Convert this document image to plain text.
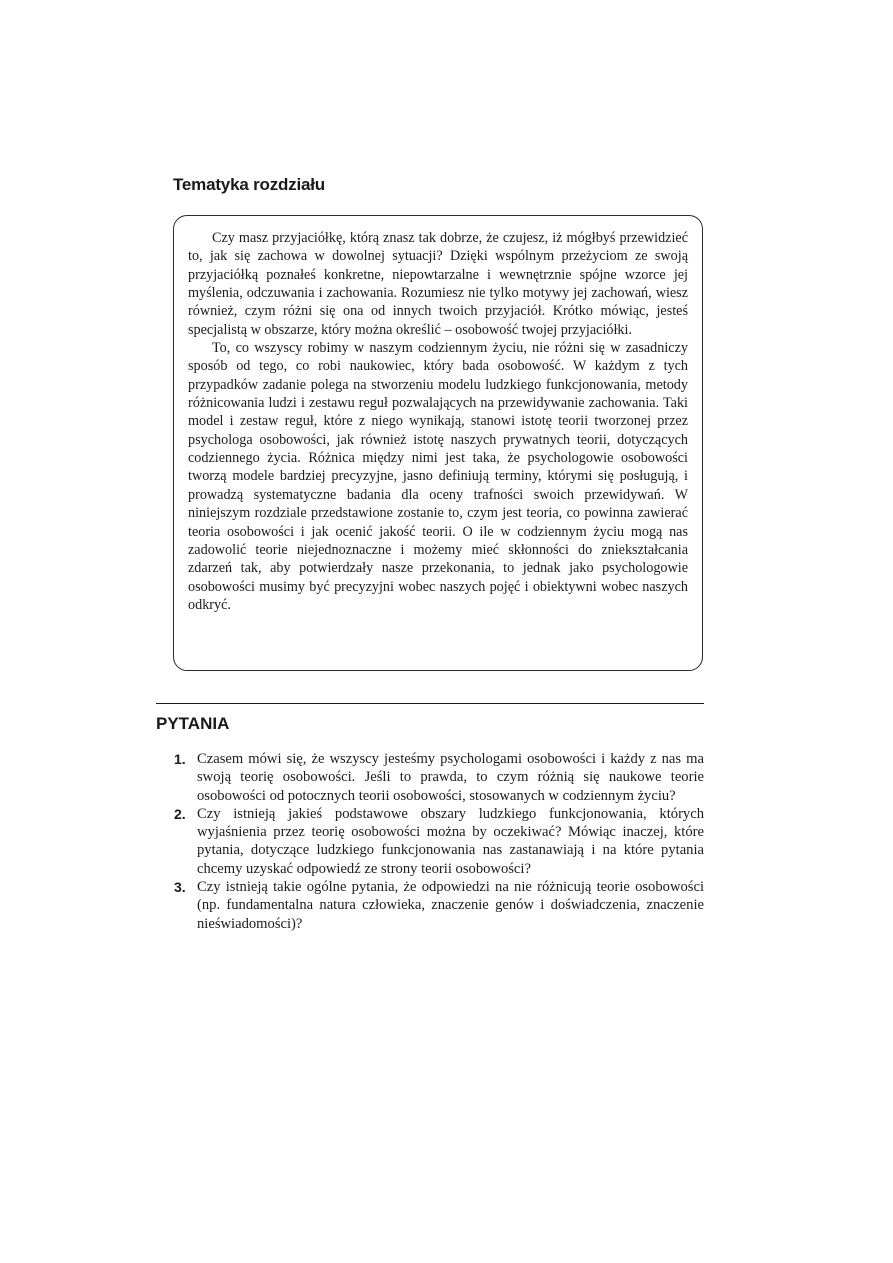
Tematyka rozdziału

Czy masz przyjaciółkę, którą znasz tak dobrze, że czujesz, iż mógłbyś przewidzieć to, jak się zachowa w dowolnej sytuacji? Dzięki wspólnym przeżyciom ze swoją przyjaciółką poznałeś konkretne, niepowtarzalne i wewnętrznie spójne wzorce jej myślenia, odczuwania i zachowania. Rozumiesz nie tylko motywy jej zachowań, wiesz również, czym różni się ona od innych twoich przyjaciół. Krótko mówiąc, jesteś specjalistą w obszarze, który można określić – osobowość twojej przyjaciółki.

To, co wszyscy robimy w naszym codziennym życiu, nie różni się w zasadniczy sposób od tego, co robi naukowiec, który bada osobowość. W każdym z tych przypadków zadanie polega na stworzeniu modelu ludzkiego funkcjonowania, metody różnicowania ludzi i zestawu reguł pozwalających na przewidywanie zachowania. Taki model i zestaw reguł, które z niego wynikają, stanowi istotę teorii tworzonej przez psychologa osobowości, jak również istotę naszych prywatnych teorii, dotyczących codziennego życia. Różnica między nimi jest taka, że psychologowie osobowości tworzą modele bardziej precyzyjne, jasno definiują terminy, którymi się posługują, i prowadzą systematyczne badania dla oceny trafności swoich przewidywań. W niniejszym rozdziale przedstawione zostanie to, czym jest teoria, co powinna zawierać teoria osobowości i jak ocenić jakość teorii. O ile w codziennym życiu mogą nas zadowolić teorie niejednoznaczne i możemy mieć skłonności do zniekształcania zdarzeń tak, aby potwierdzały nasze przekonania, to jednak jako psychologowie osobowości musimy być precyzyjni wobec naszych pojęć i obiektywni wobec naszych odkryć.

PYTANIA
1. Czasem mówi się, że wszyscy jesteśmy psychologami osobowości i każdy z nas ma swoją teorię osobowości. Jeśli to prawda, to czym różnią się naukowe teorie osobowości od potocznych teorii osobowości, stosowanych w codziennym życiu?
2. Czy istnieją jakieś podstawowe obszary ludzkiego funkcjonowania, których wyjaśnienia przez teorię osobowości można by oczekiwać? Mówiąc inaczej, które pytania, dotyczące ludzkiego funkcjonowania nas zastanawiają i na które pytania chcemy uzyskać odpowiedź ze strony teorii osobowości?
3. Czy istnieją takie ogólne pytania, że odpowiedzi na nie różnicują teorie osobowości (np. fundamentalna natura człowieka, znaczenie genów i doświadczenia, znaczenie nieświadomości)?
